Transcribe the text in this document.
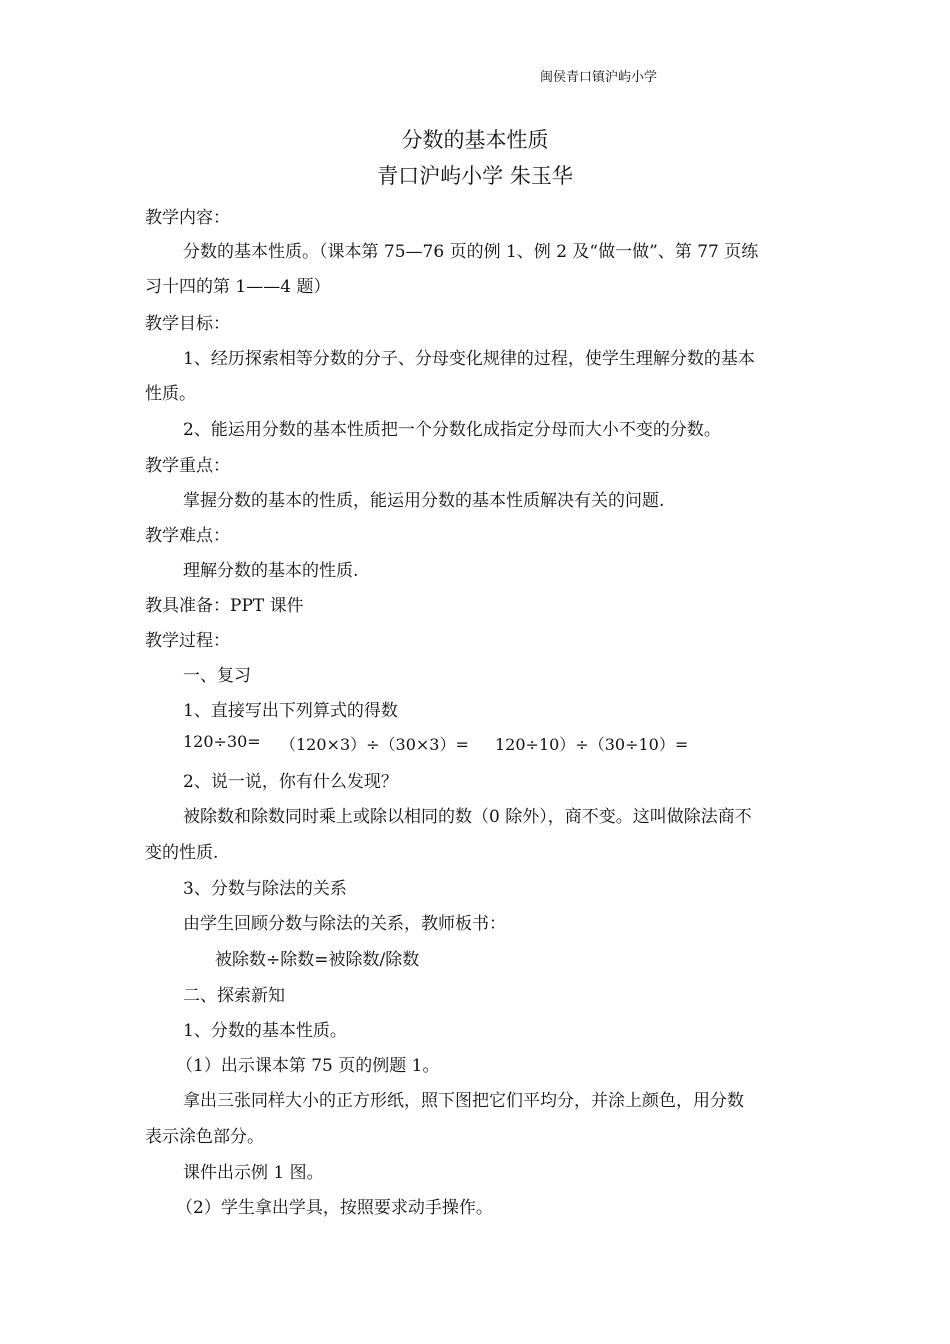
闽侯青口镇沪屿小学
分数的基本性质
青口沪屿小学 朱玉华
教学内容：
分数的基本性质。（课本第 75—76 页的例 1、例 2 及“做一做”、第 77 页练
习十四的第 1——4 题）
教学目标：
1、经历探索相等分数的分子、分母变化规律的过程，使学生理解分数的基本
性质。
2、能运用分数的基本性质把一个分数化成指定分母而大小不变的分数。
教学重点：
掌握分数的基本的性质，能运用分数的基本性质解决有关的问题.
教学难点：
理解分数的基本的性质.
教具准备：PPT 课件
教学过程：
一、复习
1、直接写出下列算式的得数
120÷30= （120×3）÷（30×3）= 120÷10）÷（30÷10）=
2、说一说，你有什么发现？
被除数和除数同时乘上或除以相同的数（0 除外），商不变。这叫做除法商不
变的性质.
3、分数与除法的关系
由学生回顾分数与除法的关系，教师板书：
被除数÷除数=被除数/除数
二、探索新知
1、分数的基本性质。
（1）出示课本第 75 页的例题 1。
拿出三张同样大小的正方形纸，照下图把它们平均分，并涂上颜色，用分数
表示涂色部分。
课件出示例 1 图。
（2）学生拿出学具，按照要求动手操作。
